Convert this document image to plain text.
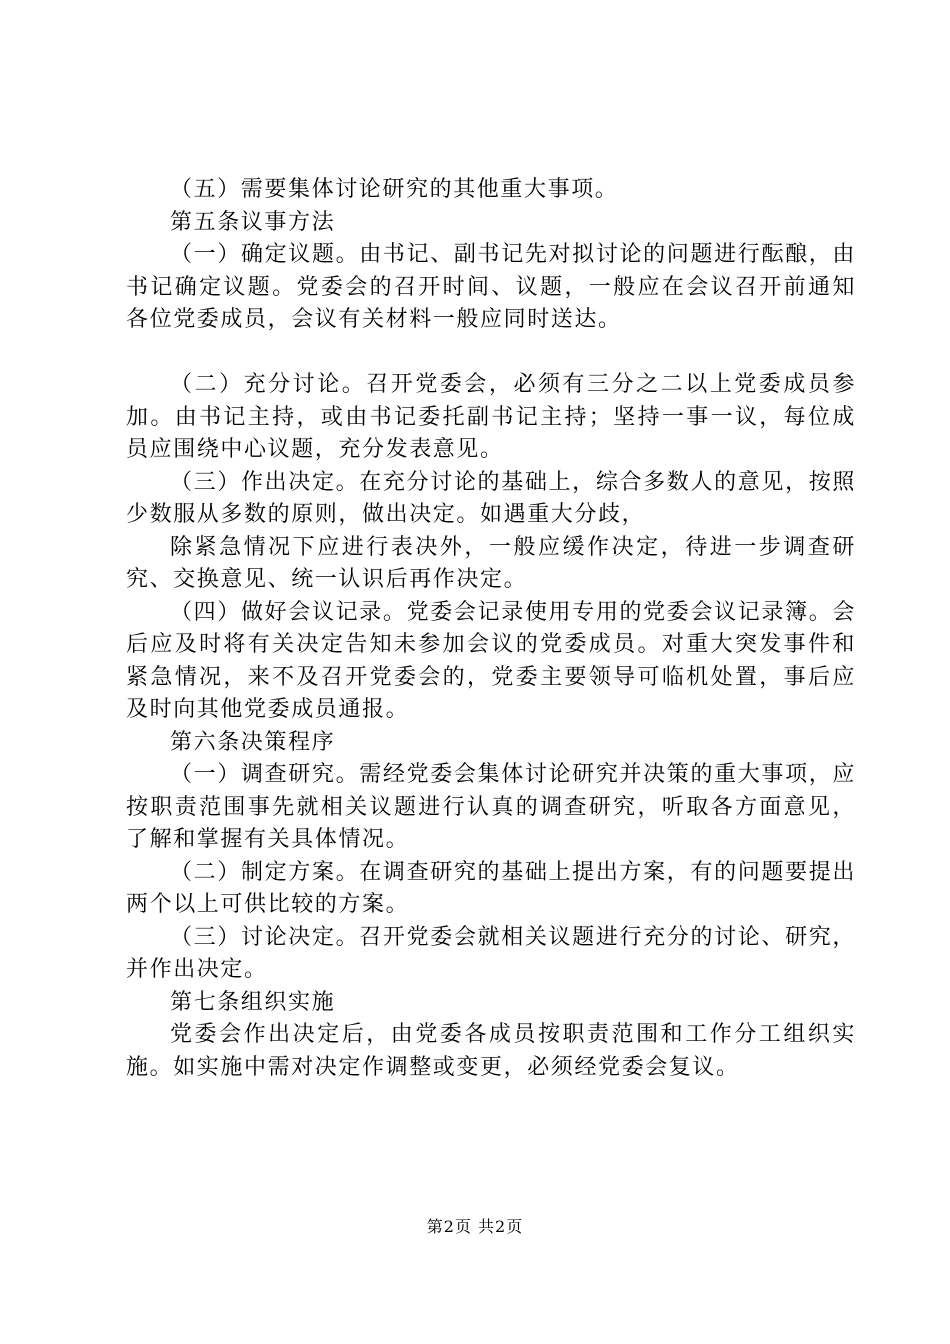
（五）需要集体讨论研究的其他重大事项。

第五条议事方法

（一）确定议题。由书记、副书记先对拟讨论的问题进行酝酿，由书记确定议题。党委会的召开时间、议题，一般应在会议召开前通知各位党委成员，会议有关材料一般应同时送达。

（二）充分讨论。召开党委会，必须有三分之二以上党委成员参加。由书记主持，或由书记委托副书记主持；坚持一事一议，每位成员应围绕中心议题，充分发表意见。

（三）作出决定。在充分讨论的基础上，综合多数人的意见，按照少数服从多数的原则，做出决定。如遇重大分歧，

除紧急情况下应进行表决外，一般应缓作决定，待进一步调查研究、交换意见、统一认识后再作决定。

（四）做好会议记录。党委会记录使用专用的党委会议记录簿。会后应及时将有关决定告知未参加会议的党委成员。对重大突发事件和紧急情况，来不及召开党委会的，党委主要领导可临机处置，事后应及时向其他党委成员通报。

第六条决策程序

（一）调查研究。需经党委会集体讨论研究并决策的重大事项，应按职责范围事先就相关议题进行认真的调查研究，听取各方面意见，了解和掌握有关具体情况。

（二）制定方案。在调查研究的基础上提出方案，有的问题要提出两个以上可供比较的方案。

（三）讨论决定。召开党委会就相关议题进行充分的讨论、研究，并作出决定。

第七条组织实施

党委会作出决定后，由党委各成员按职责范围和工作分工组织实施。如实施中需对决定作调整或变更，必须经党委会复议。

第2页 共2页
